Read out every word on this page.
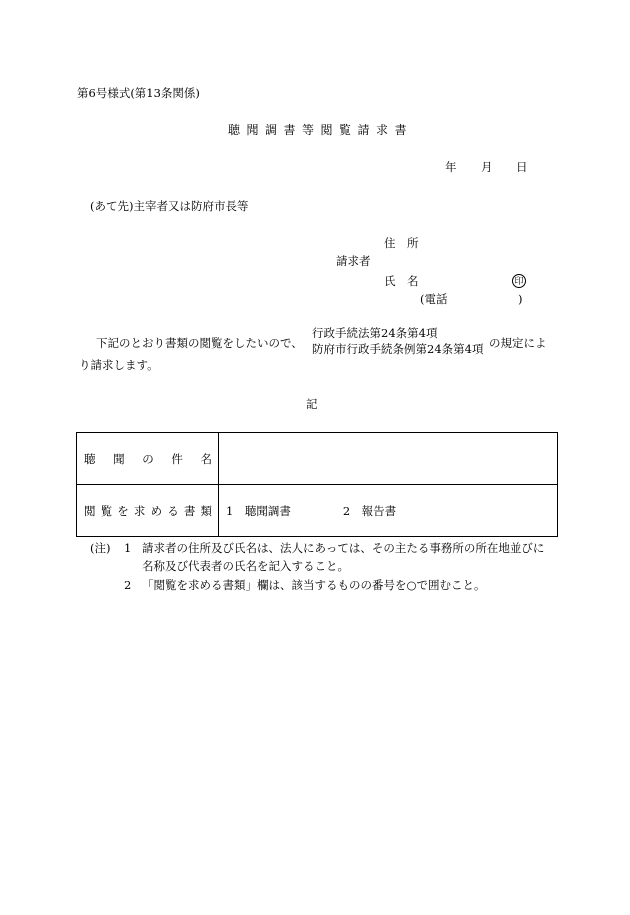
第6号様式(第13条関係)
聴聞調書等閲覧請求書
年 月 日
(あて先)主宰者又は防府市長等
住　所
請求者
氏　名	印
(電話	)
下記のとおり書類の閲覧をしたいので、
行政手続法第24条第4項
防府市行政手続条例第24条第4項 の規定によ
り請求します。
記
聴聞の件名	

閲覧を求める書類	1　聴聞調書 2　報告書
(注) 1 請求者の住所及び氏名は、法人にあっては、その主たる事務所の所在地並びに
名称及び代表者の氏名を記入すること。
2 「閲覧を求める書類」欄は、該当するものの番号を○で囲むこと。
